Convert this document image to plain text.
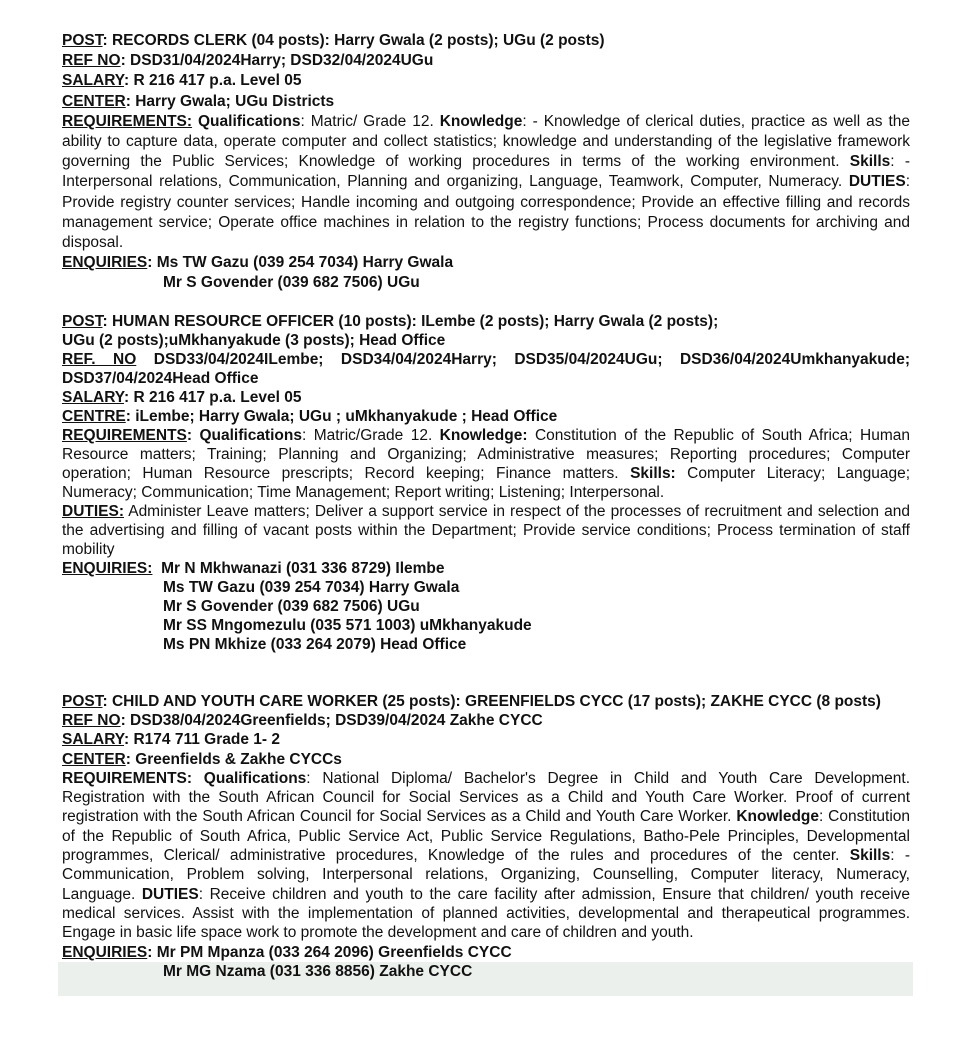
POST: RECORDS CLERK (04 posts): Harry Gwala (2 posts); UGu (2 posts)
REF NO: DSD31/04/2024Harry; DSD32/04/2024UGu
SALARY: R 216 417 p.a. Level 05
CENTER: Harry Gwala; UGu Districts
REQUIREMENTS: Qualifications: Matric/ Grade 12. Knowledge: - Knowledge of clerical duties, practice as well as the ability to capture data, operate computer and collect statistics; knowledge and understanding of the legislative framework governing the Public Services; Knowledge of working procedures in terms of the working environment. Skills: - Interpersonal relations, Communication, Planning and organizing, Language, Teamwork, Computer, Numeracy. DUTIES: Provide registry counter services; Handle incoming and outgoing correspondence; Provide an effective filling and records management service; Operate office machines in relation to the registry functions; Process documents for archiving and disposal.
ENQUIRIES: Ms TW Gazu (039 254 7034) Harry Gwala
Mr S Govender (039 682 7506) UGu
POST: HUMAN RESOURCE OFFICER (10 posts): ILembe (2 posts); Harry Gwala (2 posts);
UGu (2 posts);uMkhanyakude (3 posts); Head Office
REF. NO DSD33/04/2024ILembe; DSD34/04/2024Harry; DSD35/04/2024UGu; DSD36/04/2024Umkhanyakude; DSD37/04/2024Head Office
SALARY: R 216 417 p.a. Level 05
CENTRE: iLembe; Harry Gwala; UGu ; uMkhanyakude ; Head Office
REQUIREMENTS: Qualifications: Matric/Grade 12. Knowledge: Constitution of the Republic of South Africa; Human Resource matters; Training; Planning and Organizing; Administrative measures; Reporting procedures; Computer operation; Human Resource prescripts; Record keeping; Finance matters. Skills: Computer Literacy; Language; Numeracy; Communication; Time Management; Report writing; Listening; Interpersonal.
DUTIES: Administer Leave matters; Deliver a support service in respect of the processes of recruitment and selection and the advertising and filling of vacant posts within the Department; Provide service conditions; Process termination of staff mobility
ENQUIRIES: Mr N Mkhwanazi (031 336 8729) Ilembe
Ms TW Gazu (039 254 7034) Harry Gwala
Mr S Govender (039 682 7506) UGu
Mr SS Mngomezulu (035 571 1003) uMkhanyakude
Ms PN Mkhize (033 264 2079) Head Office
POST: CHILD AND YOUTH CARE WORKER (25 posts): GREENFIELDS CYCC (17 posts); ZAKHE CYCC (8 posts)
REF NO: DSD38/04/2024Greenfields; DSD39/04/2024 Zakhe CYCC
SALARY: R174 711 Grade 1- 2
CENTER: Greenfields & Zakhe CYCCs
REQUIREMENTS: Qualifications: National Diploma/ Bachelor's Degree in Child and Youth Care Development. Registration with the South African Council for Social Services as a Child and Youth Care Worker. Proof of current registration with the South African Council for Social Services as a Child and Youth Care Worker. Knowledge: Constitution of the Republic of South Africa, Public Service Act, Public Service Regulations, Batho-Pele Principles, Developmental programmes, Clerical/ administrative procedures, Knowledge of the rules and procedures of the center. Skills: -Communication, Problem solving, Interpersonal relations, Organizing, Counselling, Computer literacy, Numeracy, Language. DUTIES: Receive children and youth to the care facility after admission, Ensure that children/ youth receive medical services. Assist with the implementation of planned activities, developmental and therapeutical programmes. Engage in basic life space work to promote the development and care of children and youth.
ENQUIRIES: Mr PM Mpanza (033 264 2096) Greenfields CYCC
Mr MG Nzama (031 336 8856) Zakhe CYCC
